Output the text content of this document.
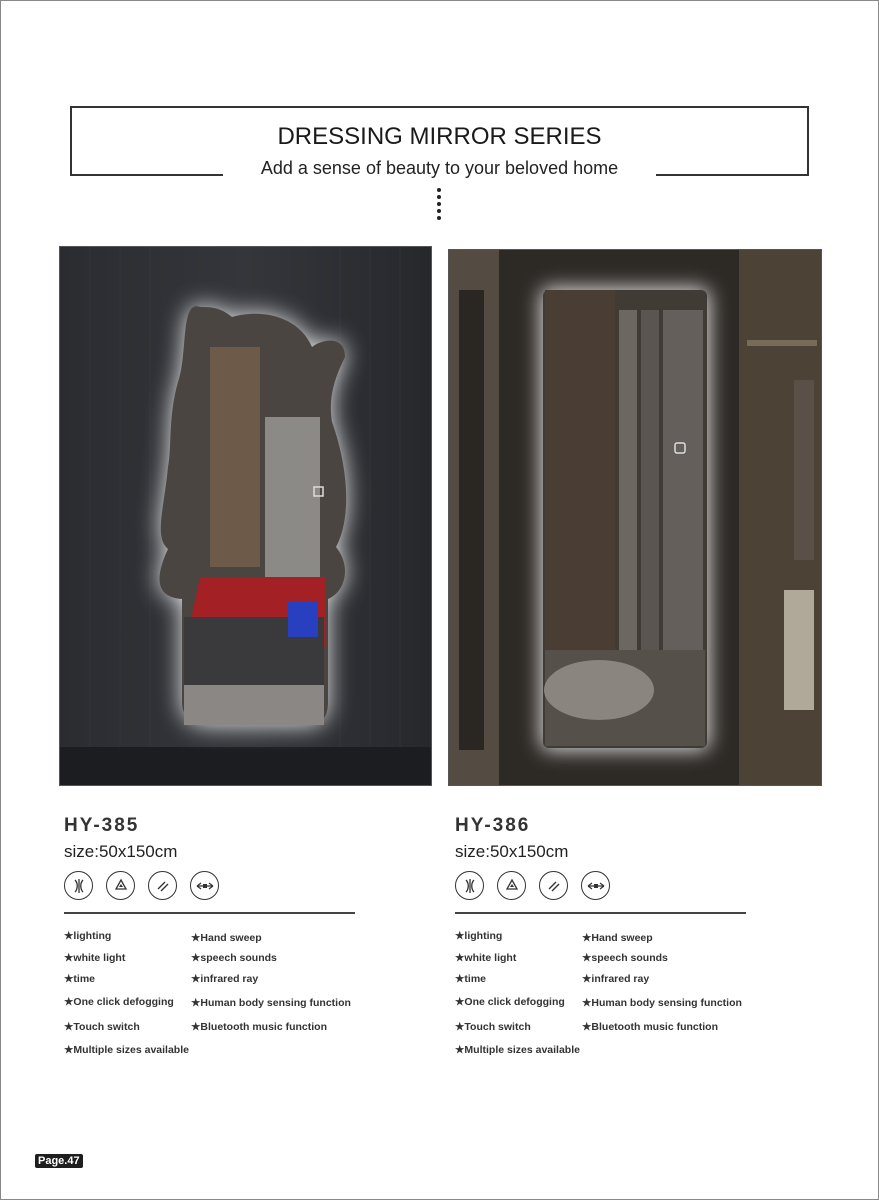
DRESSING MIRROR SERIES
Add a sense of beauty to your beloved home
HY-385
size:50x150cm
★lighting
★white light
★time
★One click defogging
★Touch switch
★Multiple sizes available
★Hand sweep
★speech sounds
★infrared ray
★Human body sensing function
★Bluetooth music function
HY-386
size:50x150cm
★lighting
★white light
★time
★One click defogging
★Touch switch
★Multiple sizes available
★Hand sweep
★speech sounds
★infrared ray
★Human body sensing function
★Bluetooth music function
Page.47
